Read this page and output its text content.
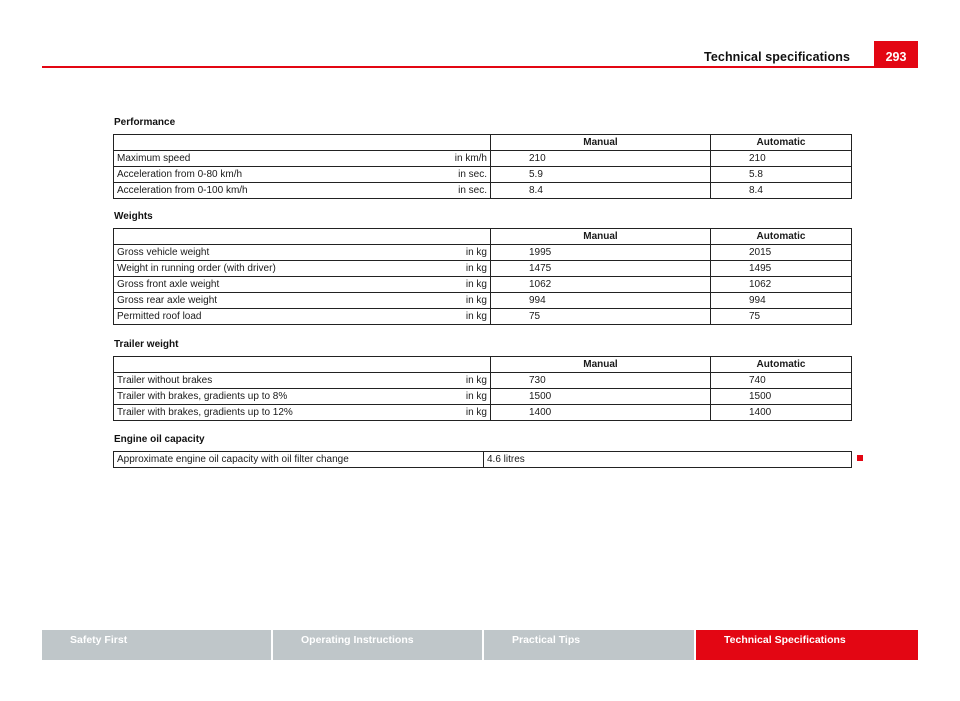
Technical specifications	293
Performance
		Manual	Automatic
Maximum speed	in km/h	210	210
Acceleration from 0-80 km/h	in sec.	5.9	5.8
Acceleration from 0-100 km/h	in sec.	8.4	8.4
Weights
		Manual	Automatic
Gross vehicle weight	in kg	1995	2015
Weight in running order (with driver)	in kg	1475	1495
Gross front axle weight	in kg	1062	1062
Gross rear axle weight	in kg	994	994
Permitted roof load	in kg	75	75
Trailer weight
		Manual	Automatic
Trailer without brakes	in kg	730	740
Trailer with brakes, gradients up to 8%	in kg	1500	1500
Trailer with brakes, gradients up to 12%	in kg	1400	1400
Engine oil capacity
Approximate engine oil capacity with oil filter change	4.6 litres
Safety First	Operating Instructions	Practical Tips	Technical Specifications
